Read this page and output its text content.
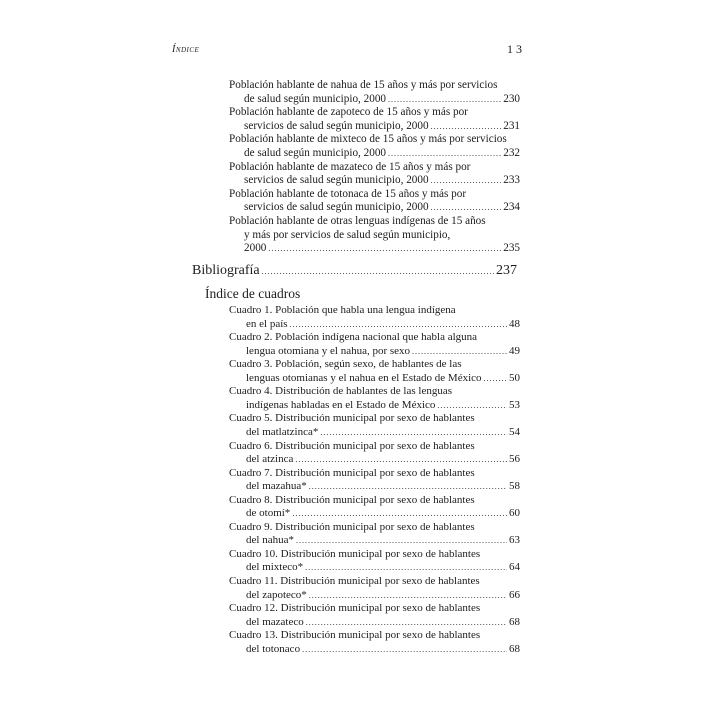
Índice	13
Población hablante de nahua de 15 años y más por servicios
de salud según municipio, 2000 . . .	230
Población hablante de zapoteco de 15 años y más por
servicios de salud según municipio, 2000 . . .	231
Población hablante de mixteco de 15 años y más por servicios
de salud según municipio, 2000 . . .	232
Población hablante de mazateco de 15 años y más por
servicios de salud según municipio, 2000 . . .	233
Población hablante de totonaca de 15 años y más por
servicios de salud según municipio, 2000 . . .	234
Población hablante de otras lenguas indígenas de 15 años
y más por servicios de salud según municipio,
2000 . . .	235
Bibliografía . . .	237
Índice de cuadros
Cuadro 1. Población que habla una lengua indígena
en el país . . .	48
Cuadro 2. Población indígena nacional que habla alguna
lengua otomiana y el nahua, por sexo . . .	49
Cuadro 3. Población, según sexo, de hablantes de las
lenguas otomianas y el nahua en el Estado de México . . . 50
Cuadro 4. Distribución de hablantes de las lenguas
indígenas habladas en el Estado de México . . .	53
Cuadro 5. Distribución municipal por sexo de hablantes
del matlatzinca* . . .	54
Cuadro 6. Distribución municipal por sexo de hablantes
del atzinca . . .	56
Cuadro 7. Distribución municipal por sexo de hablantes
del mazahua* . . .	58
Cuadro 8. Distribución municipal por sexo de hablantes
de otomí* . . .	60
Cuadro 9. Distribución municipal por sexo de hablantes
del nahua* . . .	63
Cuadro 10. Distribución municipal por sexo de hablantes
del mixteco* . . .	64
Cuadro 11. Distribución municipal por sexo de hablantes
del zapoteco* . . .	66
Cuadro 12. Distribución municipal por sexo de hablantes
del mazateco . . .	68
Cuadro 13. Distribución municipal por sexo de hablantes
del totonaco . . .	68
